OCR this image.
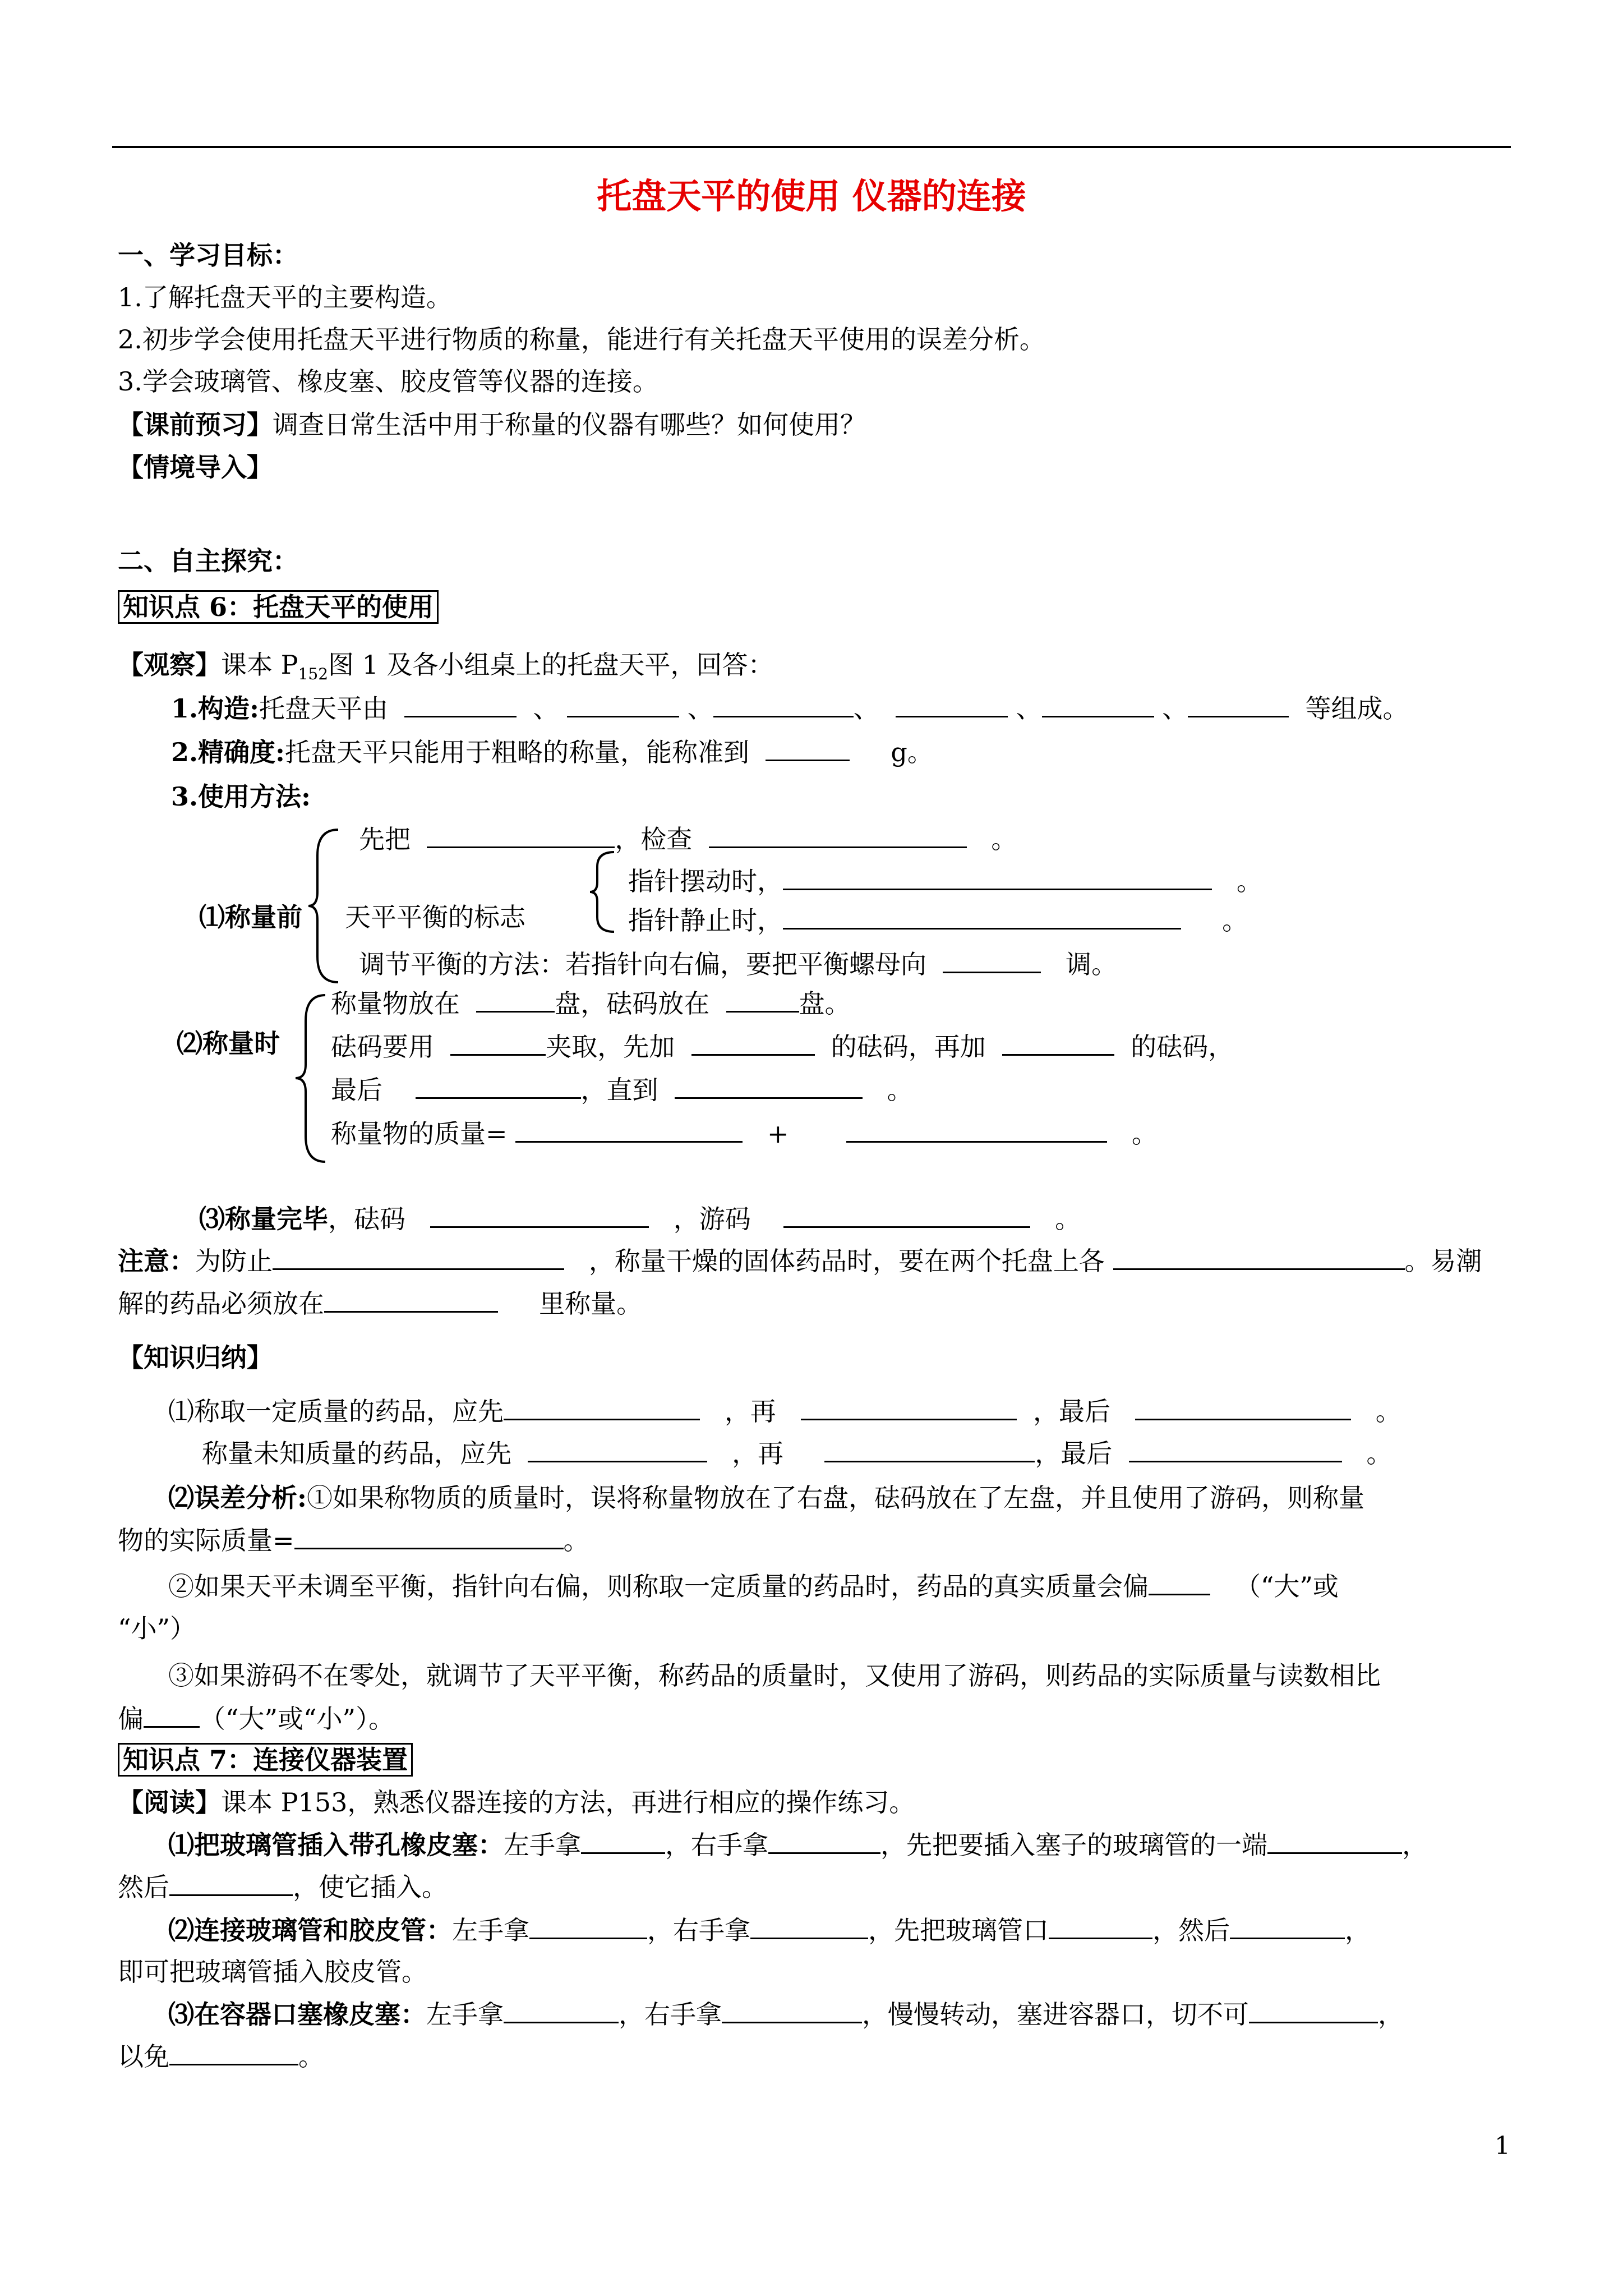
托盘天平的使用 仪器的连接
一、学习目标：
1.了解托盘天平的主要构造。
2.初步学会使用托盘天平进行物质的称量，能进行有关托盘天平使用的误差分析。
3.学会玻璃管、橡皮塞、胶皮管等仪器的连接。
【课前预习】调查日常生活中用于称量的仪器有哪些？如何使用？
【情境导入】
二、自主探究：
知识点 6：托盘天平的使用
【观察】课本 $P_{152}$图 1 及各小组桌上的托盘天平，回答：
1.构造:托盘天平由	、	、	、	、	、	等组成。
2.精确度:托盘天平只能用于粗略的称量，能称准到	g。
3.使用方法:
先把	，检查	。
⑴称量前 天平平衡的标志
指针摆动时，	。
指针静止时，	。
调节平衡的方法：若指针向右偏，要把平衡螺母向	调。
⑵称量时
称量物放在	盘，砝码放在	盘。
砝码要用	夹取，先加	的砝码，再加	的砝码，
最后	，直到	。
称量物的质量=	+	。
⑶称量完毕，砝码	，游码	。
注意：为防止	，称量干燥的固体药品时，要在两个托盘上各	。易潮
解的药品必须放在	里称量。
【知识归纳】
⑴称取一定质量的药品，应先	，再	，最后	。
称量未知质量的药品，应先	，再	，最后	。
⑵误差分析:①如果称物质的质量时，误将称量物放在了右盘，砝码放在了左盘，并且使用了游码，则称量
物的实际质量=	。
②如果天平未调至平衡，指针向右偏，则称取一定质量的药品时，药品的真实质量会偏	（“大”或
“小”）
③如果游码不在零处，就调节了天平平衡，称药品的质量时，又使用了游码，则药品的实际质量与读数相比
偏 （“大”或“小”）。
知识点 7：连接仪器装置
【阅读】课本 P153，熟悉仪器连接的方法，再进行相应的操作练习。
⑴把玻璃管插入带孔橡皮塞：左手拿	，右手拿	，先把要插入塞子的玻璃管的一端	，
然后	，使它插入。
⑵连接玻璃管和胶皮管：左手拿	，右手拿	，先把玻璃管口	，然后	，
即可把玻璃管插入胶皮管。
⑶在容器口塞橡皮塞：左手拿	，右手拿	，慢慢转动，塞进容器口，切不可	，
以免	。
1
